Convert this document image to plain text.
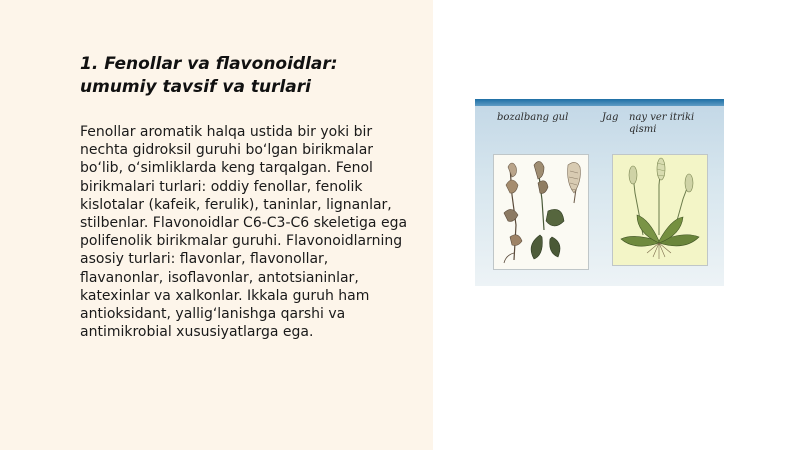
1. Fenollar va flavonoidlar: umumiy tavsif va turlari

Fenollar aromatik halqa ustida bir yoki bir nechta gidroksil guruhi bo‘lgan birikmalar bo‘lib, o‘simliklarda keng tarqalgan. Fenol birikmalari turlari: oddiy fenollar, fenolik kislotalar (kafeik, ferulik), taninlar, lignanlar, stilbenlar. Flavonoidlar C6-C3-C6 skeletiga ega polifenolik birikmalar guruhi. Flavonoidlarning asosiy turlari: flavonlar, flavonollar, flavanonlar, isoflavonlar, antotsianinlar, katexinlar va xalkonlar. Ikkala guruh ham antioksidant, yallig‘lanishga qarshi va antimikrobial xususiyatlarga ega.

bozalbang gul	Jag nay ver itriki qismi
